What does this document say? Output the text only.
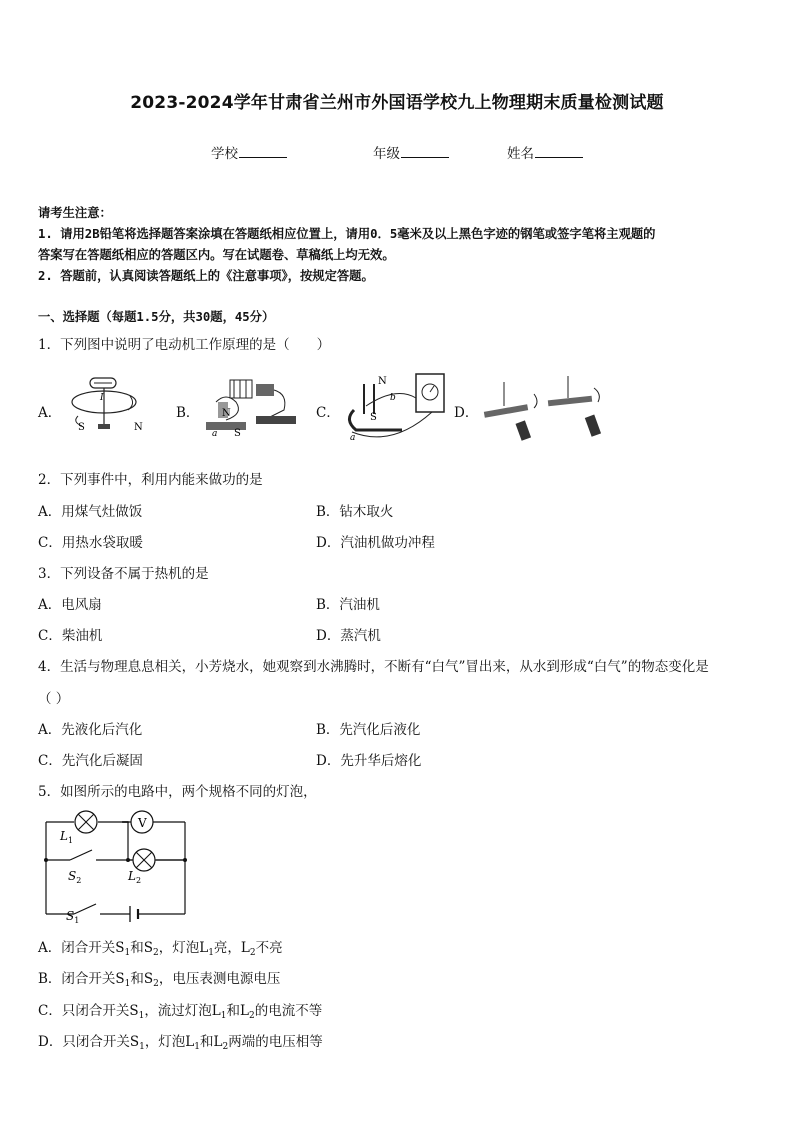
2023-2024学年甘肃省兰州市外国语学校九上物理期末质量检测试题
学校	年级	姓名
请考生注意：
1. 请用2B铅笔将选择题答案涂填在答题纸相应位置上，请用0．5毫米及以上黑色字迹的钢笔或签字笔将主观题的
答案写在答题纸相应的答题区内。写在试题卷、草稿纸上均无效。
2. 答题前，认真阅读答题纸上的《注意事项》，按规定答题。
一、选择题（每题1.5分，共30题，45分）
1．下列图中说明了电动机工作原理的是（　　）
A．	B．	C．	D．
S	N
I
N
S
a
N
b
a
S
2．下列事件中，利用内能来做功的是
A．用煤气灶做饭	B．钻木取火
C．用热水袋取暖	D．汽油机做功冲程
3．下列设备不属于热机的是
A．电风扇	B．汽油机
C．柴油机	D．蒸汽机
4．生活与物理息息相关，小芳烧水，她观察到水沸腾时，不断有“白气”冒出来，从水到形成“白气”的物态变化是
（ ）
A．先液化后汽化	B．先汽化后液化
C．先汽化后凝固	D．先升华后熔化
5．如图所示的电路中，两个规格不同的灯泡，
V
$L_1$
$S_2$	$L_2$
$S_1$
A．闭合开关$S_1$和$S_2$，灯泡$L_1$亮，$L_2$不亮
B．闭合开关$S_1$和$S_2$，电压表测电源电压
C．只闭合开关$S_1$，流过灯泡$L_1$和$L_2$的电流不等
D．只闭合开关$S_1$，灯泡$L_1$和$L_2$两端的电压相等
